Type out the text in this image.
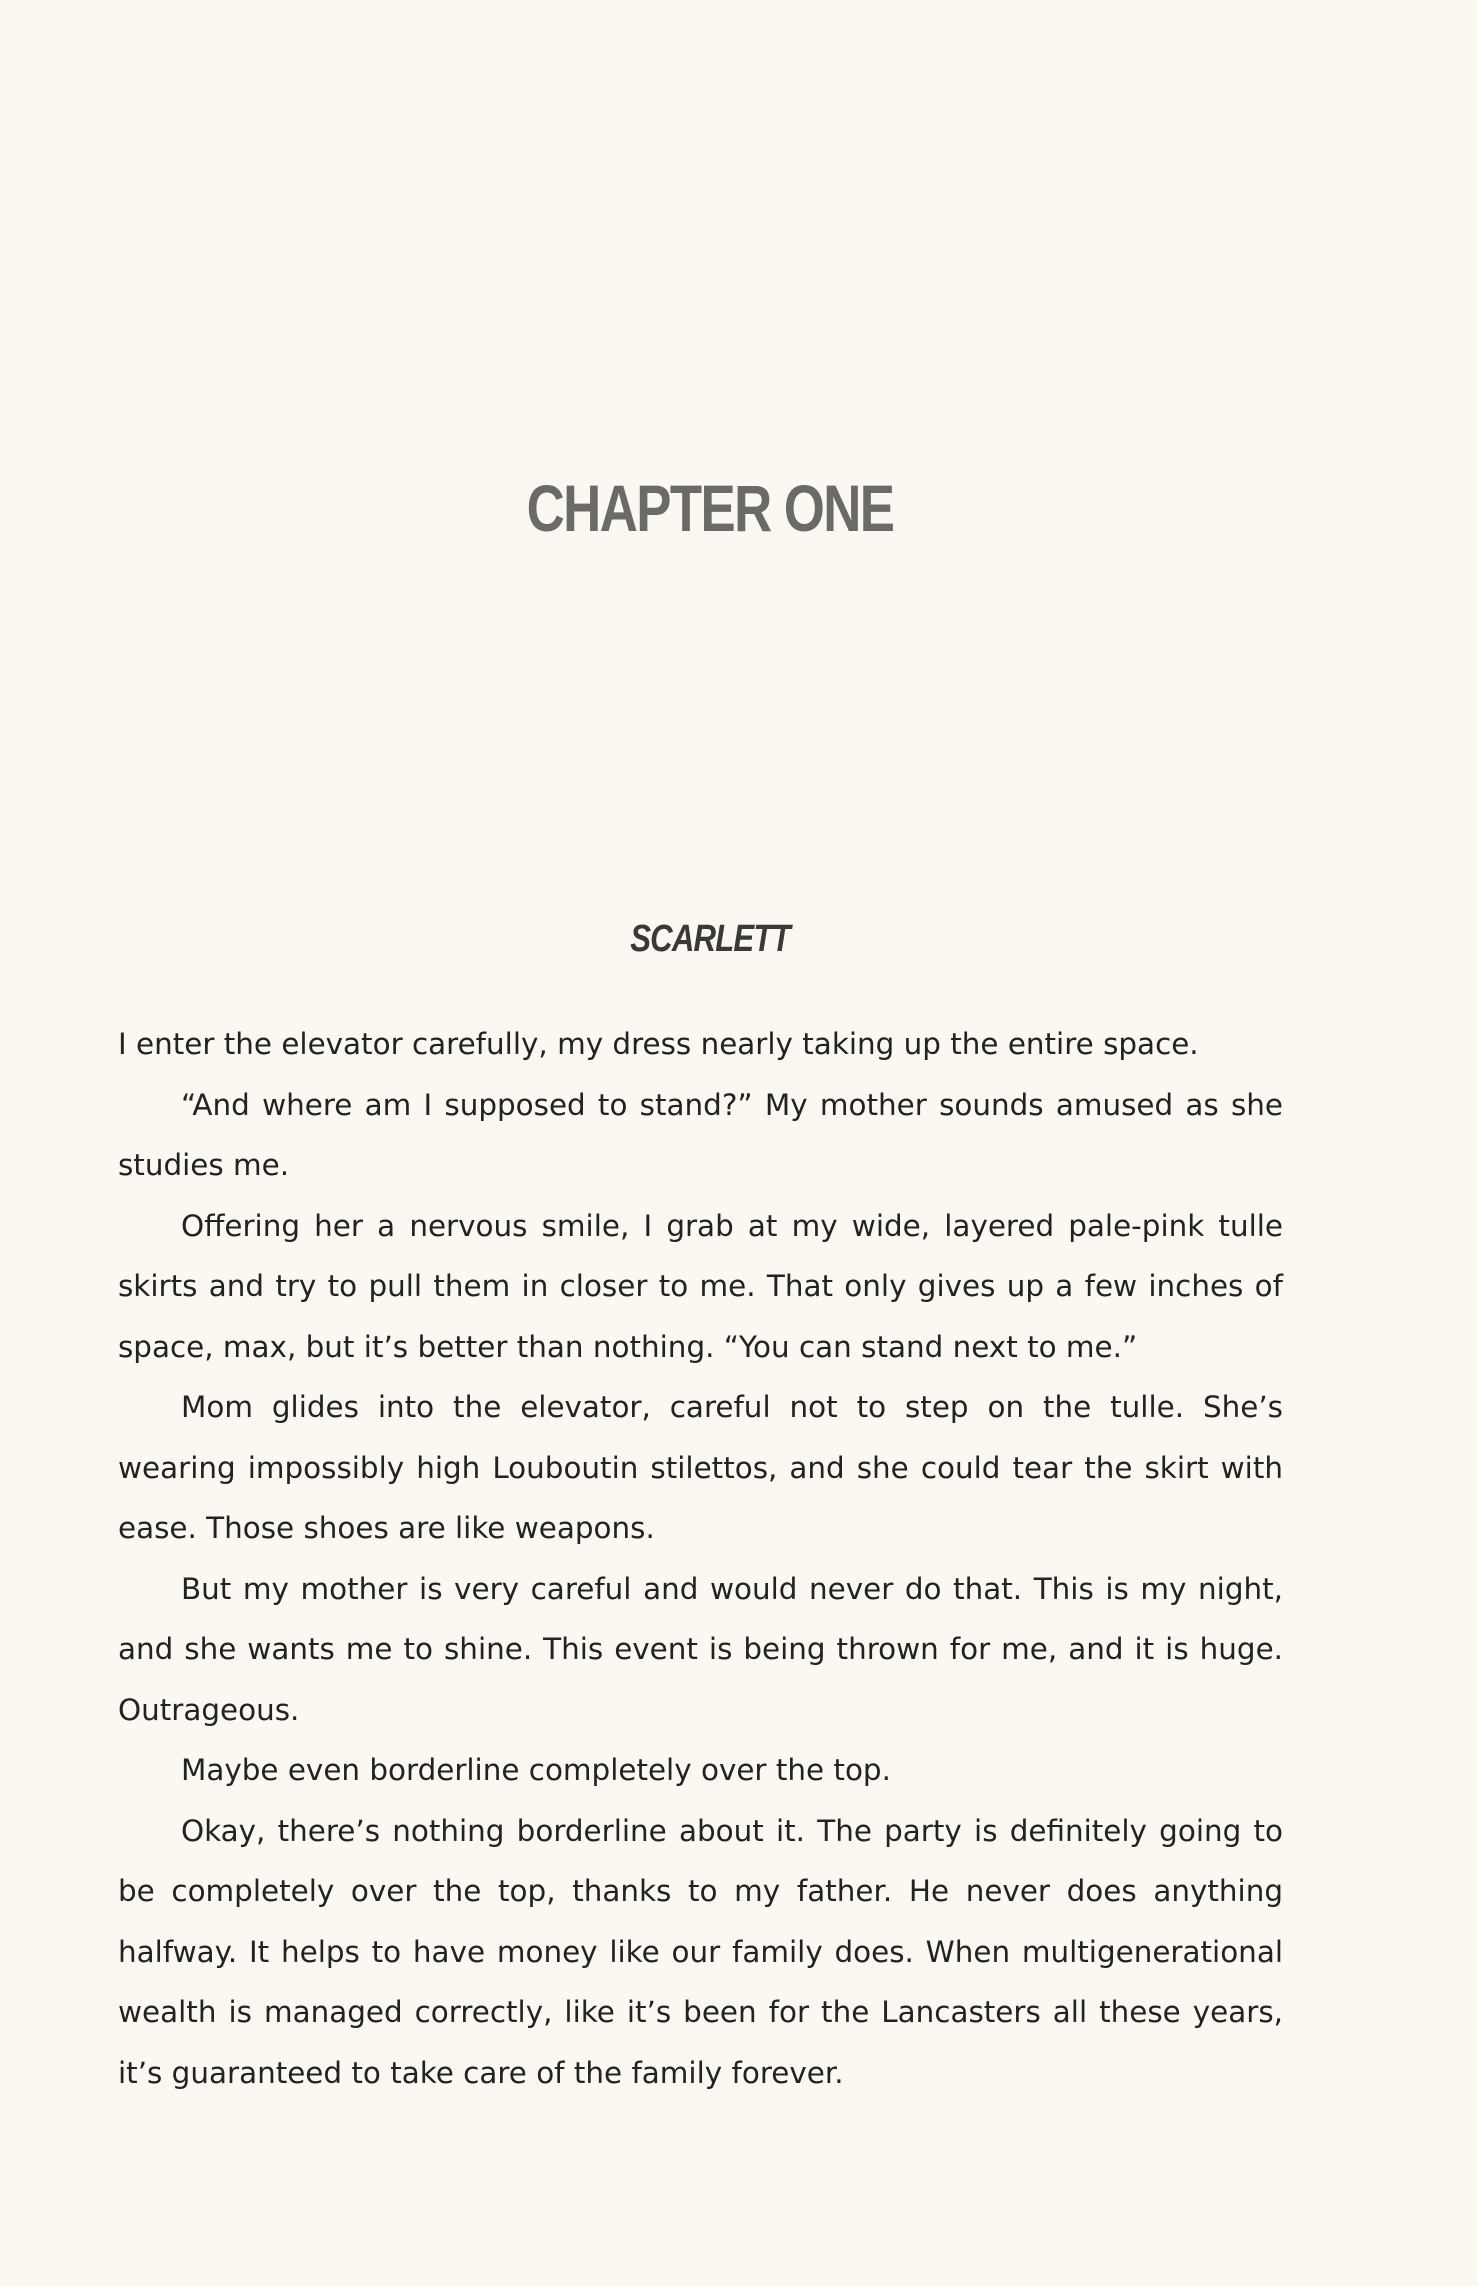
CHAPTER ONE
SCARLETT

I enter the elevator carefully, my dress nearly taking up the entire space.

“And where am I supposed to stand?” My mother sounds amused as she studies me.

Offering her a nervous smile, I grab at my wide, layered pale-pink tulle skirts and try to pull them in closer to me. That only gives up a few inches of space, max, but it’s better than nothing. “You can stand next to me.”

Mom glides into the elevator, careful not to step on the tulle. She’s wearing impossibly high Louboutin stilettos, and she could tear the skirt with ease. Those shoes are like weapons.

But my mother is very careful and would never do that. This is my night, and she wants me to shine. This event is being thrown for me, and it is huge. Outrageous.

Maybe even borderline completely over the top.

Okay, there’s nothing borderline about it. The party is definitely going to be completely over the top, thanks to my father. He never does anything halfway. It helps to have money like our family does. When multigenerational wealth is managed correctly, like it’s been for the Lancasters all these years, it’s guaranteed to take care of the family forever.
